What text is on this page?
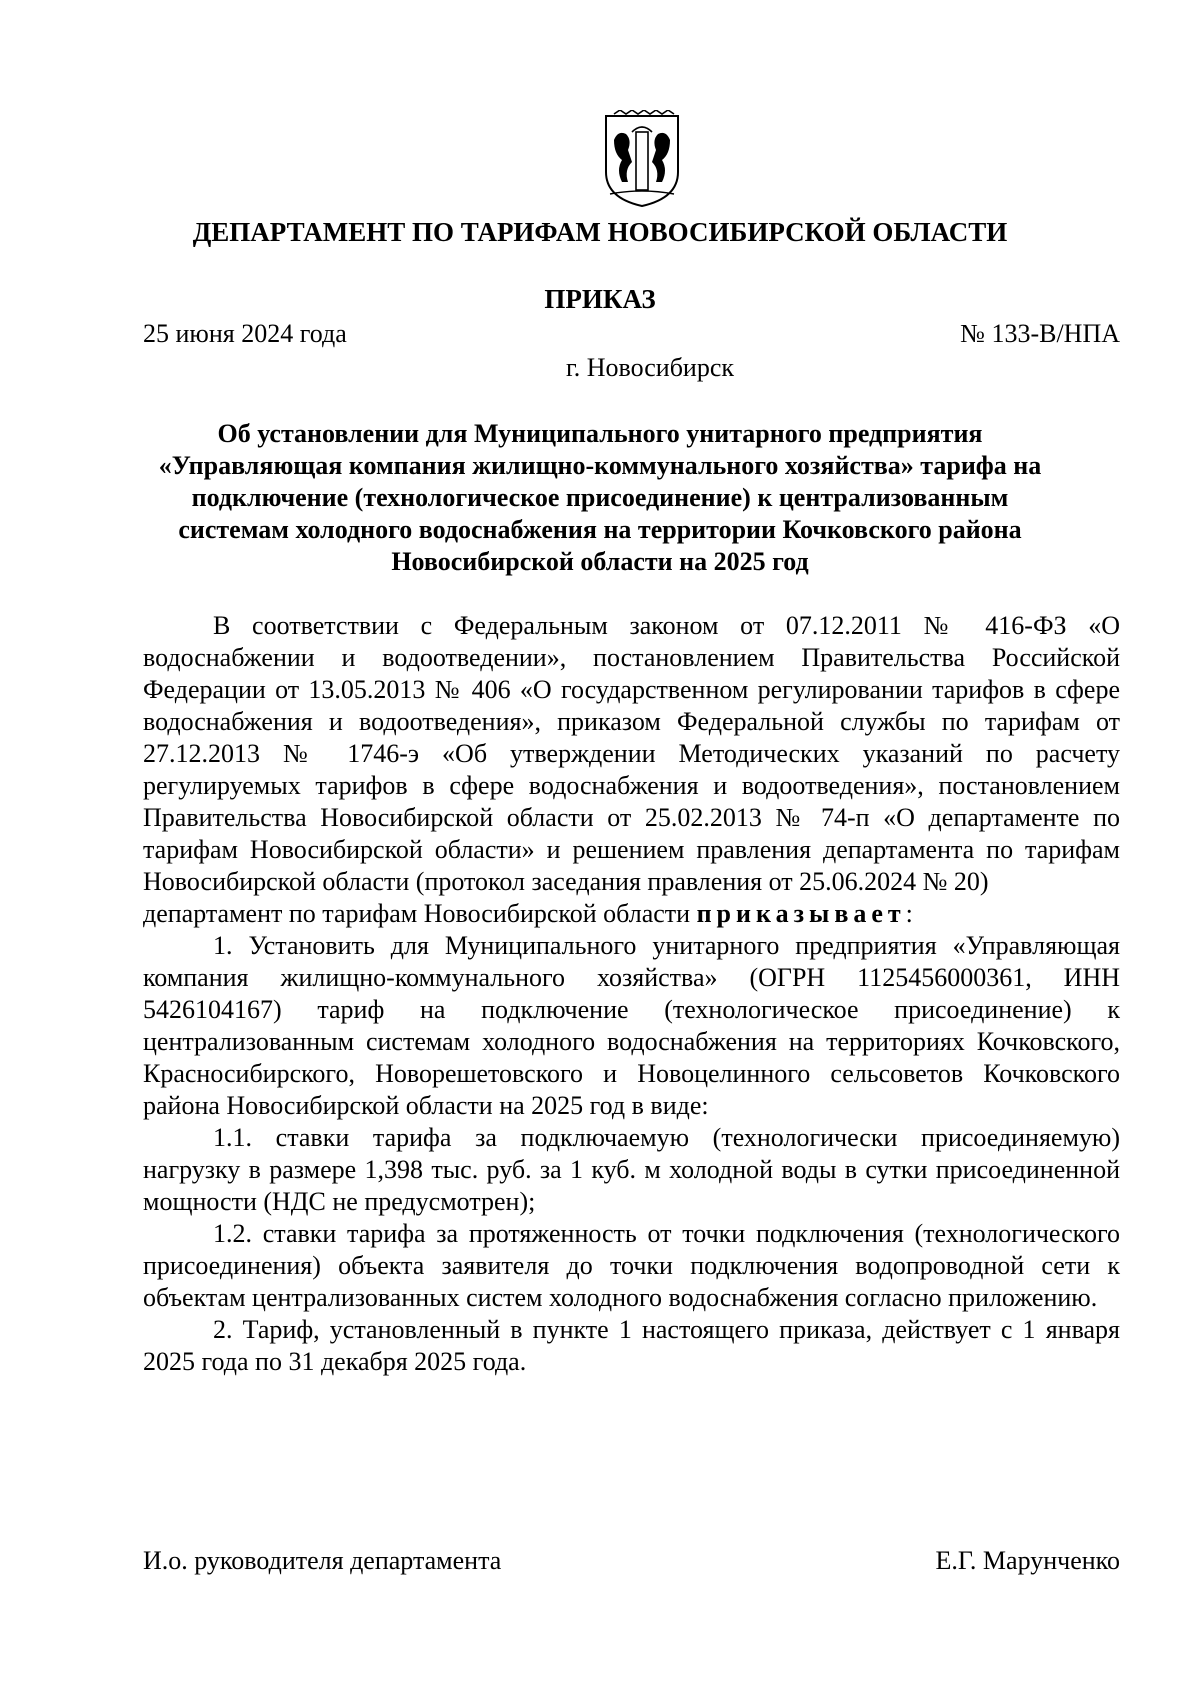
ДЕПАРТАМЕНТ ПО ТАРИФАМ НОВОСИБИРСКОЙ ОБЛАСТИ
ПРИКАЗ
25 июня 2024 года	№ 133-В/НПА
г. Новосибирск
Об установлении для Муниципального унитарного предприятия
«Управляющая компания жилищно-коммунального хозяйства» тарифа на
подключение (технологическое присоединение) к централизованным
системам холодного водоснабжения на территории Кочковского района
Новосибирской области на 2025 год

В соответствии с Федеральным законом от 07.12.2011 № 416-ФЗ «О водоснабжении и водоотведении», постановлением Правительства Российской Федерации от 13.05.2013 № 406 «О государственном регулировании тарифов в сфере водоснабжения и водоотведения», приказом Федеральной службы по тарифам от 27.12.2013 № 1746-э «Об утверждении Методических указаний по расчету регулируемых тарифов в сфере водоснабжения и водоотведения», постановлением Правительства Новосибирской области от 25.02.2013 № 74-п «О департаменте по тарифам Новосибирской области» и решением правления департамента по тарифам Новосибирской области (протокол заседания правления от 25.06.2024 № 20)

департамент по тарифам Новосибирской области приказывает:

1. Установить для Муниципального унитарного предприятия «Управляющая компания жилищно-коммунального хозяйства» (ОГРН 1125456000361, ИНН 5426104167) тариф на подключение (технологическое присоединение) к централизованным системам холодного водоснабжения на территориях Кочковского, Красносибирского, Новорешетовского и Новоцелинного сельсоветов Кочковского района Новосибирской области на 2025 год в виде:

1.1. ставки тарифа за подключаемую (технологически присоединяемую) нагрузку в размере 1,398 тыс. руб. за 1 куб. м холодной воды в сутки присоединенной мощности (НДС не предусмотрен);

1.2. ставки тарифа за протяженность от точки подключения (технологического присоединения) объекта заявителя до точки подключения водопроводной сети к объектам централизованных систем холодного водоснабжения согласно приложению.

2. Тариф, установленный в пункте 1 настоящего приказа, действует с 1 января 2025 года по 31 декабря 2025 года.

И.о. руководителя департамента	Е.Г. Марунченко
